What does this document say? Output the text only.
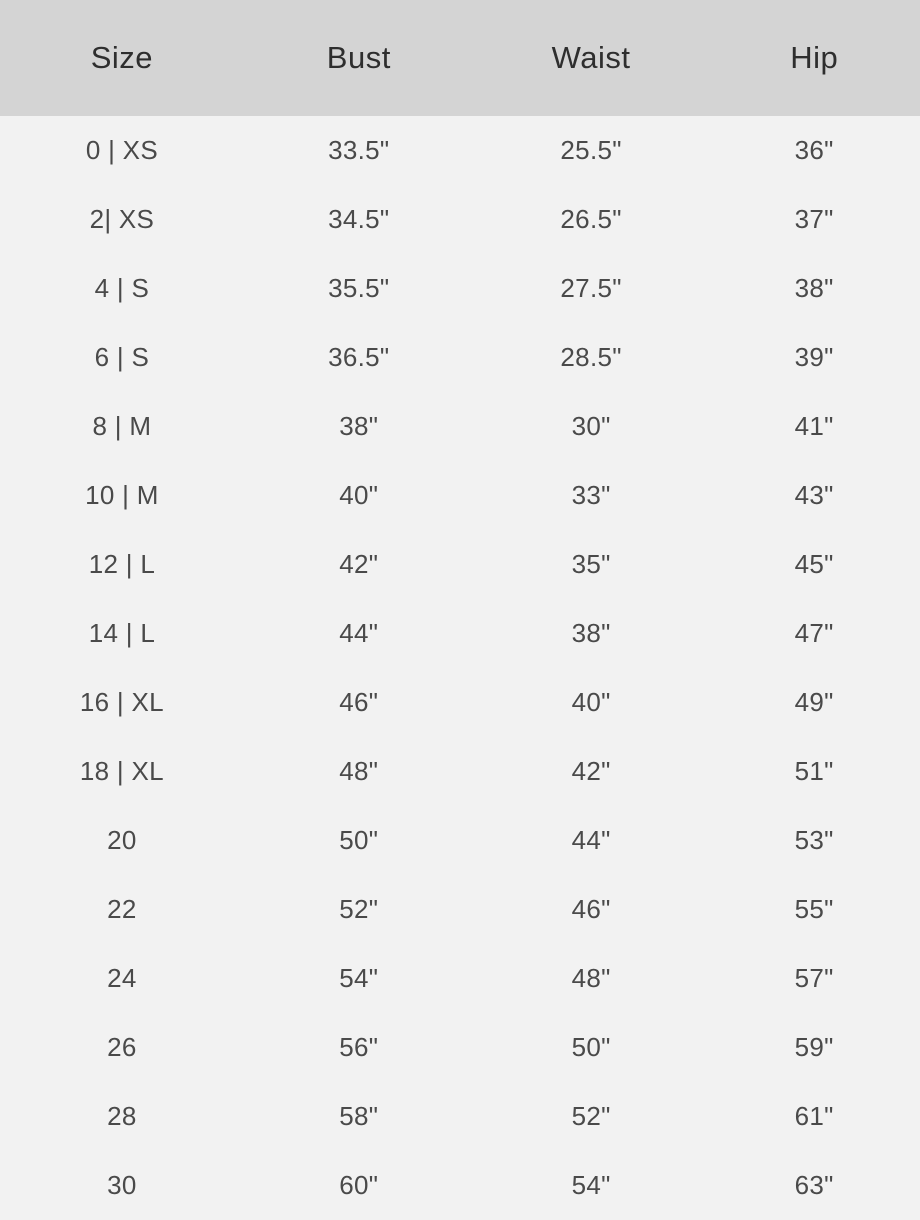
Size	Bust	Waist	Hip
0 | XS	33.5"	25.5"	36"
2| XS	34.5"	26.5"	37"
4 | S	35.5"	27.5"	38"
6 | S	36.5"	28.5"	39"
8 | M	38"	30"	41"
10 | M	40"	33"	43"
12 | L	42"	35"	45"
14 | L	44"	38"	47"
16 | XL	46"	40"	49"
18 | XL	48"	42"	51"
20	50"	44"	53"
22	52"	46"	55"
24	54"	48"	57"
26	56"	50"	59"
28	58"	52"	61"
30	60"	54"	63"
